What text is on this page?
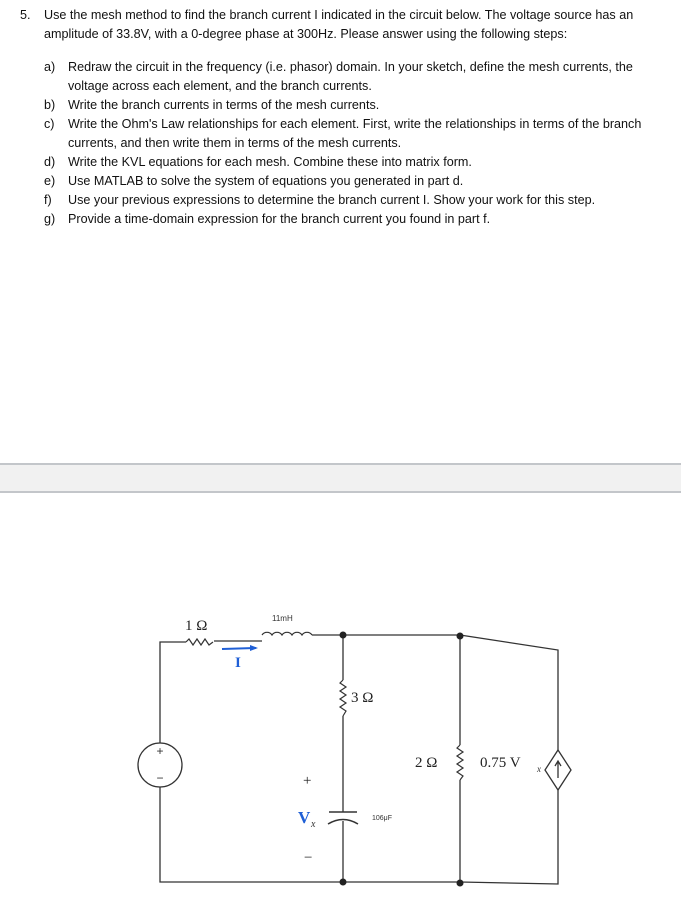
5. Use the mesh method to find the branch current I indicated in the circuit below. The voltage source has an amplitude of 33.8V, with a 0-degree phase at 300Hz. Please answer using the following steps:
a)	Redraw the circuit in the frequency (i.e. phasor) domain. In your sketch, define the mesh currents, the voltage across each element, and the branch currents.
b)	Write the branch currents in terms of the mesh currents.
c)	Write the Ohm's Law relationships for each element. First, write the relationships in terms of the branch currents, and then write them in terms of the mesh currents.
d)	Write the KVL equations for each mesh. Combine these into matrix form.
e)	Use MATLAB to solve the system of equations you generated in part d.
f)	Use your previous expressions to determine the branch current I. Show your work for this step.
g)	Provide a time-domain expression for the branch current you found in part f.
+
−
1 Ω	11mH
I
3 Ω
+
V x
−
106μF
2 Ω	0.75 V x
